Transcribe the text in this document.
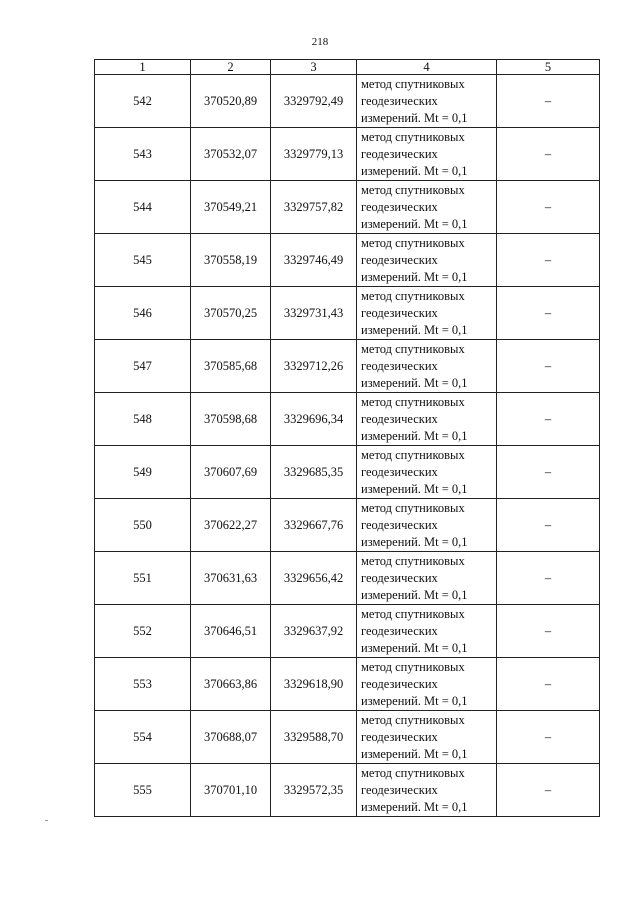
218
1	2	3	4	5
542	370520,89	3329792,49	метод спутниковых
геодезических
измерений. Mt = 0,1	–
543	370532,07	3329779,13	метод спутниковых
геодезических
измерений. Mt = 0,1	–
544	370549,21	3329757,82	метод спутниковых
геодезических
измерений. Mt = 0,1	–
545	370558,19	3329746,49	метод спутниковых
геодезических
измерений. Mt = 0,1	–
546	370570,25	3329731,43	метод спутниковых
геодезических
измерений. Mt = 0,1	–
547	370585,68	3329712,26	метод спутниковых
геодезических
измерений. Mt = 0,1	–
548	370598,68	3329696,34	метод спутниковых
геодезических
измерений. Mt = 0,1	–
549	370607,69	3329685,35	метод спутниковых
геодезических
измерений. Mt = 0,1	–
550	370622,27	3329667,76	метод спутниковых
геодезических
измерений. Mt = 0,1	–
551	370631,63	3329656,42	метод спутниковых
геодезических
измерений. Mt = 0,1	–
552	370646,51	3329637,92	метод спутниковых
геодезических
измерений. Mt = 0,1	–
553	370663,86	3329618,90	метод спутниковых
геодезических
измерений. Mt = 0,1	–
554	370688,07	3329588,70	метод спутниковых
геодезических
измерений. Mt = 0,1	–
555	370701,10	3329572,35	метод спутниковых
геодезических
измерений. Mt = 0,1	–
